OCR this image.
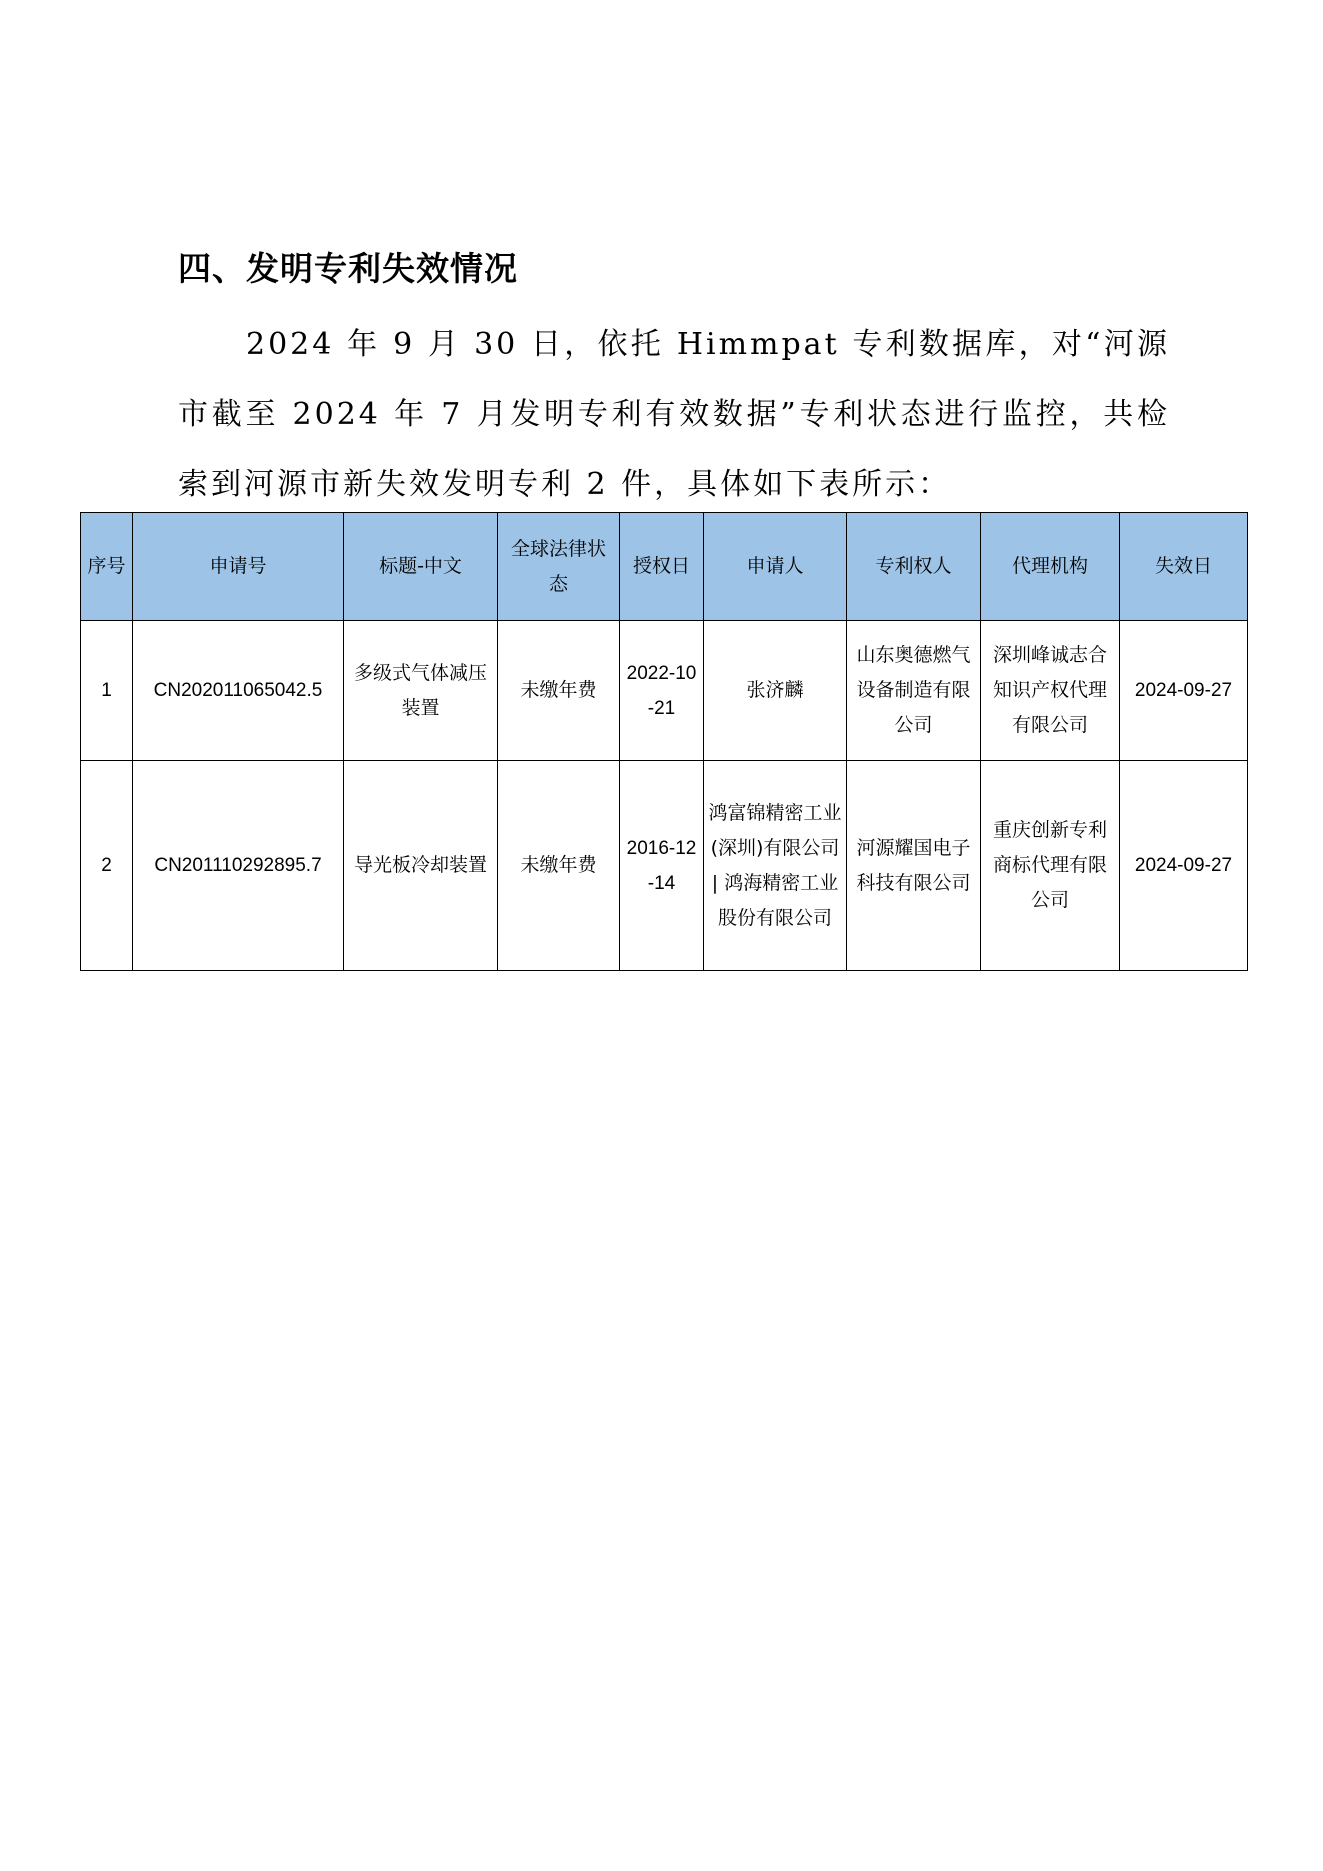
四、发明专利失效情况
2024 年 9 月 30 日，依托 Himmpat 专利数据库，对“河源市截至 2024 年 7 月发明专利有效数据”专利状态进行监控，共检索到河源市新失效发明专利 2 件，具体如下表所示：
序号	申请号	标题-中文	全球法律状态	授权日	申请人	专利权人	代理机构	失效日
1	CN202011065042.5	多级式气体减压装置	未缴年费	2022-10-21	张济麟	山东奥德燃气设备制造有限公司	深圳峰诚志合知识产权代理有限公司	2024-09-27
2	CN201110292895.7	导光板冷却装置	未缴年费	2016-12-14	鸿富锦精密工业(深圳)有限公司 | 鸿海精密工业股份有限公司	河源耀国电子科技有限公司	重庆创新专利商标代理有限公司	2024-09-27
